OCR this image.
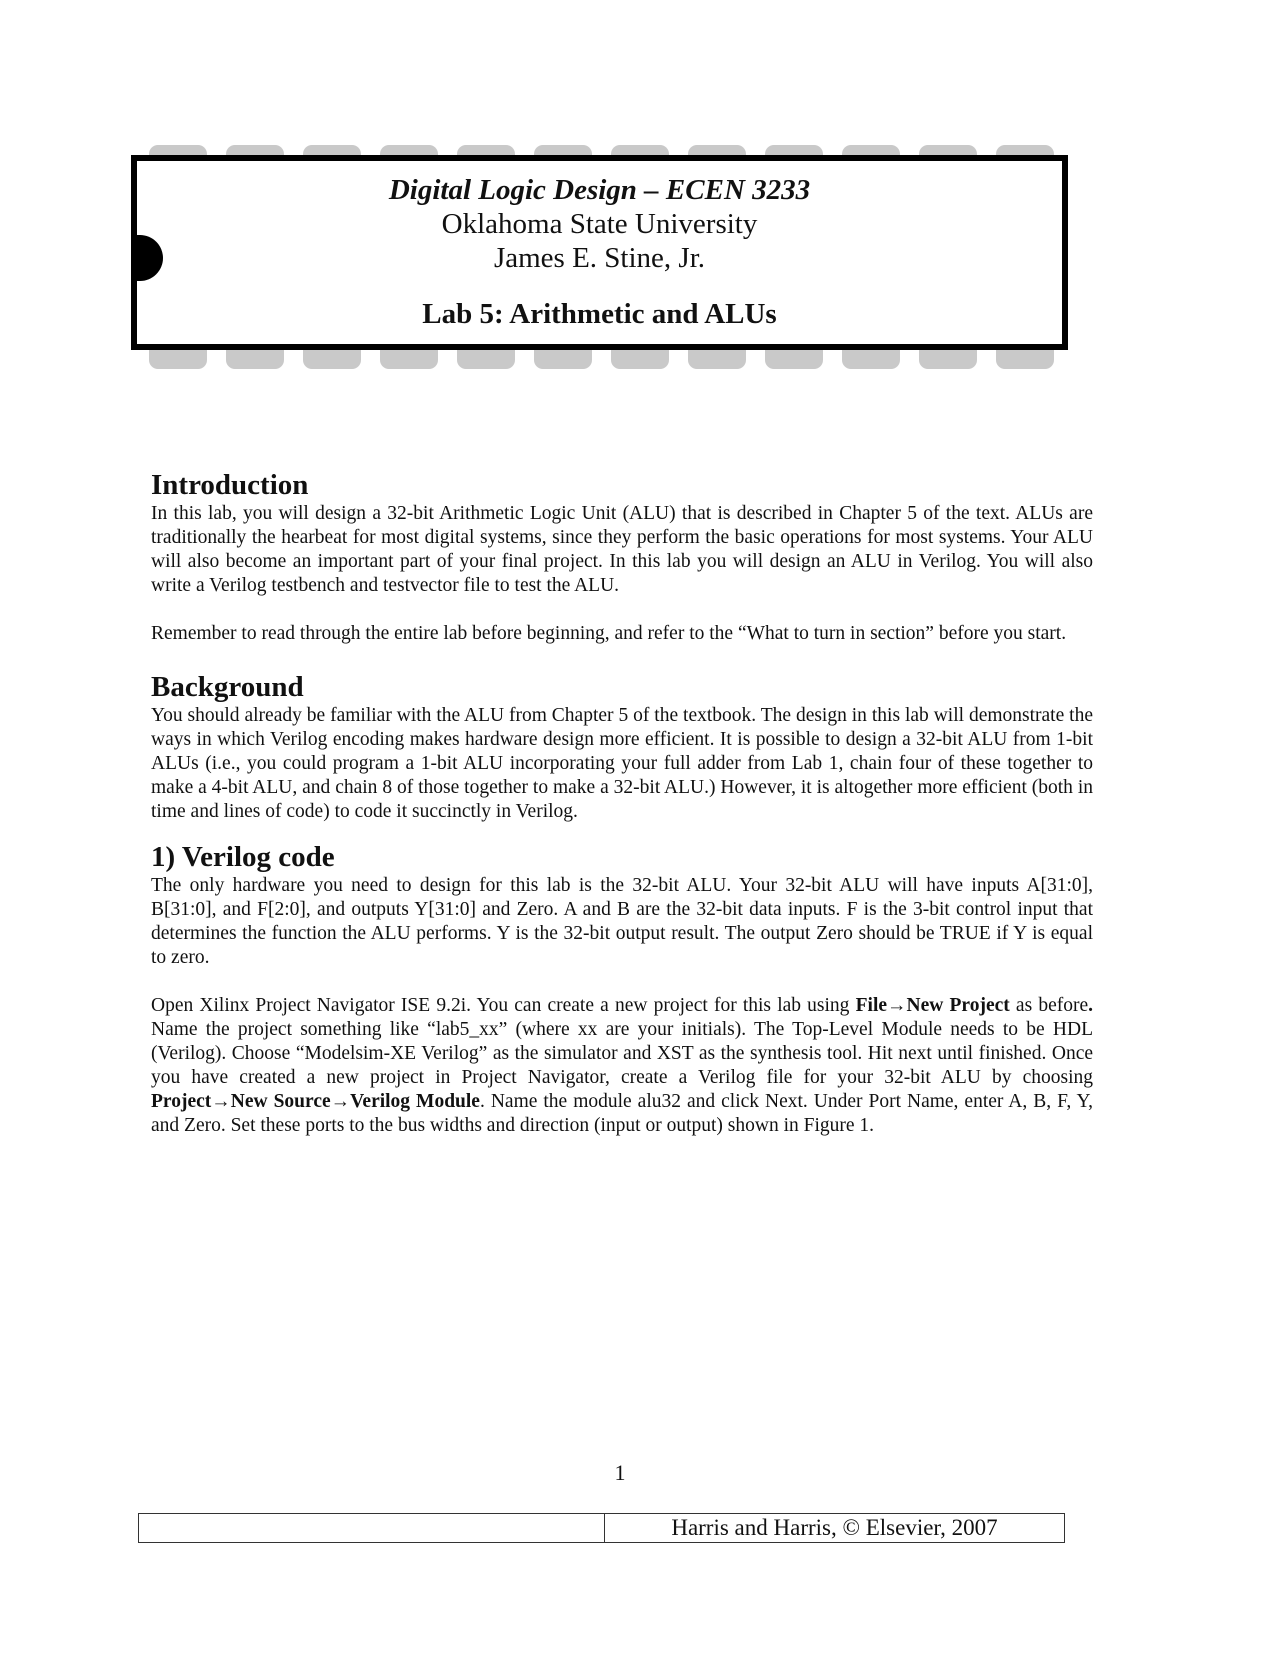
Digital Logic Design – ECEN 3233
Oklahoma State University
James E. Stine, Jr.
Lab 5: Arithmetic and ALUs
Introduction

In this lab, you will design a 32-bit Arithmetic Logic Unit (ALU) that is described in Chapter 5 of the text. ALUs are traditionally the hearbeat for most digital systems, since they perform the basic operations for most systems. Your ALU will also become an important part of your final project. In this lab you will design an ALU in Verilog. You will also write a Verilog testbench and testvector file to test the ALU.

Remember to read through the entire lab before beginning, and refer to the “What to turn in section” before you start.

Background

You should already be familiar with the ALU from Chapter 5 of the textbook. The design in this lab will demonstrate the ways in which Verilog encoding makes hardware design more efficient. It is possible to design a 32-bit ALU from 1-bit ALUs (i.e., you could program a 1-bit ALU incorporating your full adder from Lab 1, chain four of these together to make a 4-bit ALU, and chain 8 of those together to make a 32-bit ALU.) However, it is altogether more efficient (both in time and lines of code) to code it succinctly in Verilog.

1) Verilog code

The only hardware you need to design for this lab is the 32-bit ALU. Your 32-bit ALU will have inputs A[31:0], B[31:0], and F[2:0], and outputs Y[31:0] and Zero. A and B are the 32-bit data inputs. F is the 3-bit control input that determines the function the ALU performs. Y is the 32-bit output result. The output Zero should be TRUE if Y is equal to zero.

Open Xilinx Project Navigator ISE 9.2i. You can create a new project for this lab using File→New Project as before. Name the project something like “lab5_xx” (where xx are your initials). The Top-Level Module needs to be HDL (Verilog). Choose “Modelsim-XE Verilog” as the simulator and XST as the synthesis tool. Hit next until finished. Once you have created a new project in Project Navigator, create a Verilog file for your 32-bit ALU by choosing Project→New Source→Verilog Module. Name the module alu32 and click Next. Under Port Name, enter A, B, F, Y, and Zero. Set these ports to the bus widths and direction (input or output) shown in Figure 1.

1
Harris and Harris, © Elsevier, 2007
